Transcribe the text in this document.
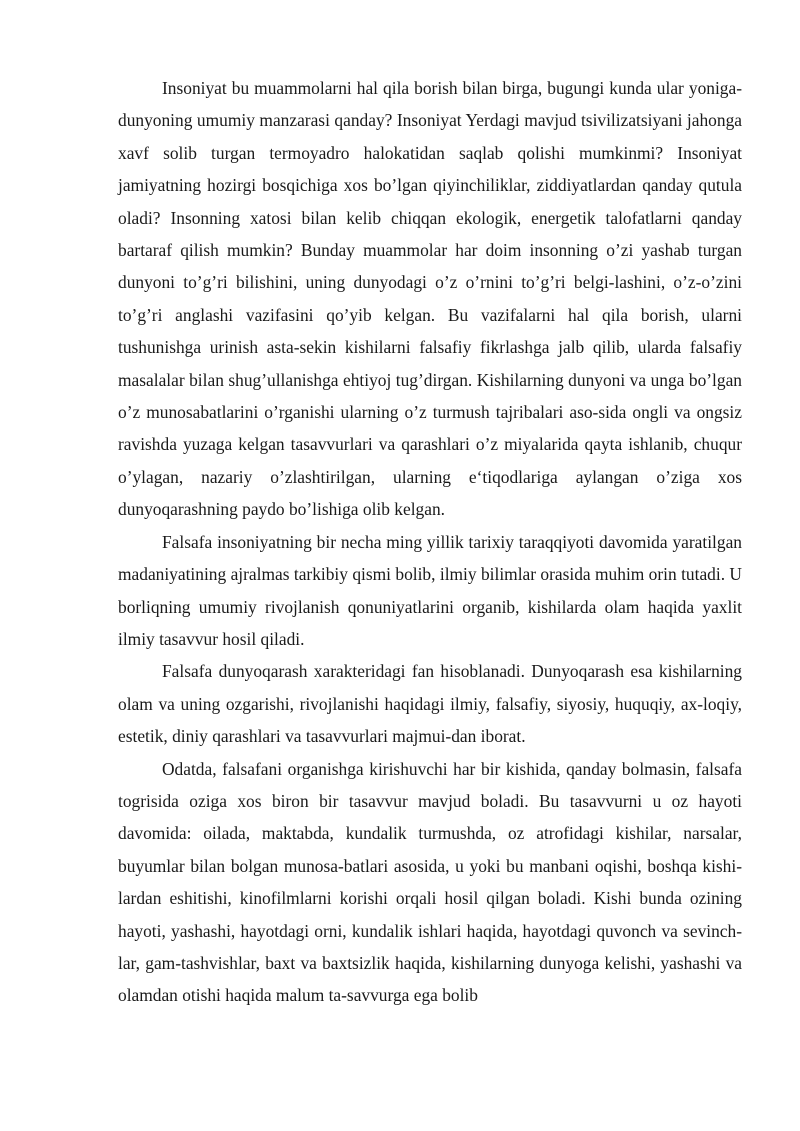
Insoniyat bu muammolarni hal qila borish bilan birga, bugungi kunda ular yoniga-dunyoning umumiy manzarasi qanday? Insoniyat Yerdagi mavjud tsivilizatsiyani jahonga xavf solib turgan termoyadro halokatidan saqlab qolishi mumkinmi? Insoniyat jamiyatning hozirgi bosqichiga xos bo’lgan qiyinchiliklar, ziddiyatlardan qanday qutula oladi? Insonning xatosi bilan kelib chiqqan ekologik, energetik talofatlarni qanday bartaraf qilish mumkin? Bunday muammolar har doim insonning o’zi yashab turgan dunyoni to’g’ri bilishini, uning dunyodagi o’z o’rnini to’g’ri belgi-lashini, o’z-o’zini to’g’ri anglashi vazifasini qo’yib kelgan. Bu vazifalarni hal qila borish, ularni tushunishga urinish asta-sekin kishilarni falsafiy fikrlashga jalb qilib, ularda falsafiy masalalar bilan shug’ullanishga ehtiyoj tug’dirgan. Kishilarning dunyoni va unga bo’lgan o’z munosabatlarini o’rganishi ularning o’z turmush tajribalari aso-sida ongli va ongsiz ravishda yuzaga kelgan tasavvurlari va qarashlari o’z miyalarida qayta ishlanib, chuqur o’ylagan, nazariy o’zlashtirilgan, ularning e‘tiqodlariga aylangan o’ziga xos dunyoqarashning paydo bo’lishiga olib kelgan.

Falsafa insoniyatning bir necha ming yillik tarixiy taraqqiyoti davomida yaratilgan madaniyatining ajralmas tarkibiy qismi bolib, ilmiy bilimlar orasida muhim orin tutadi. U borliqning umumiy rivojlanish qonuniyatlarini organib, kishilarda olam haqida yaxlit ilmiy tasavvur hosil qiladi.

Falsafa dunyoqarash xarakteridagi fan hisoblanadi. Dunyoqarash esa kishilarning olam va uning ozgarishi, rivojlanishi haqidagi ilmiy, falsafiy, siyosiy, huquqiy, ax-loqiy, estetik, diniy qarashlari va tasavvurlari majmui-dan iborat.

Odatda, falsafani organishga kirishuvchi har bir kishida, qanday bolmasin, falsafa togrisida oziga xos biron bir tasavvur mavjud boladi. Bu tasavvurni u oz hayoti davomida: oilada, maktabda, kundalik turmushda, oz atrofidagi kishilar, narsalar, buyumlar bilan bolgan munosa-batlari asosida, u yoki bu manbani oqishi, boshqa kishi-lardan eshitishi, kinofilmlarni korishi orqali hosil qilgan boladi. Kishi bunda ozining hayoti, yashashi, hayotdagi orni, kundalik ishlari haqida, hayotdagi quvonch va sevinch-lar, gam-tashvishlar, baxt va baxtsizlik haqida, kishilarning dunyoga kelishi, yashashi va olamdan otishi haqida malum ta-savvurga ega bolib
